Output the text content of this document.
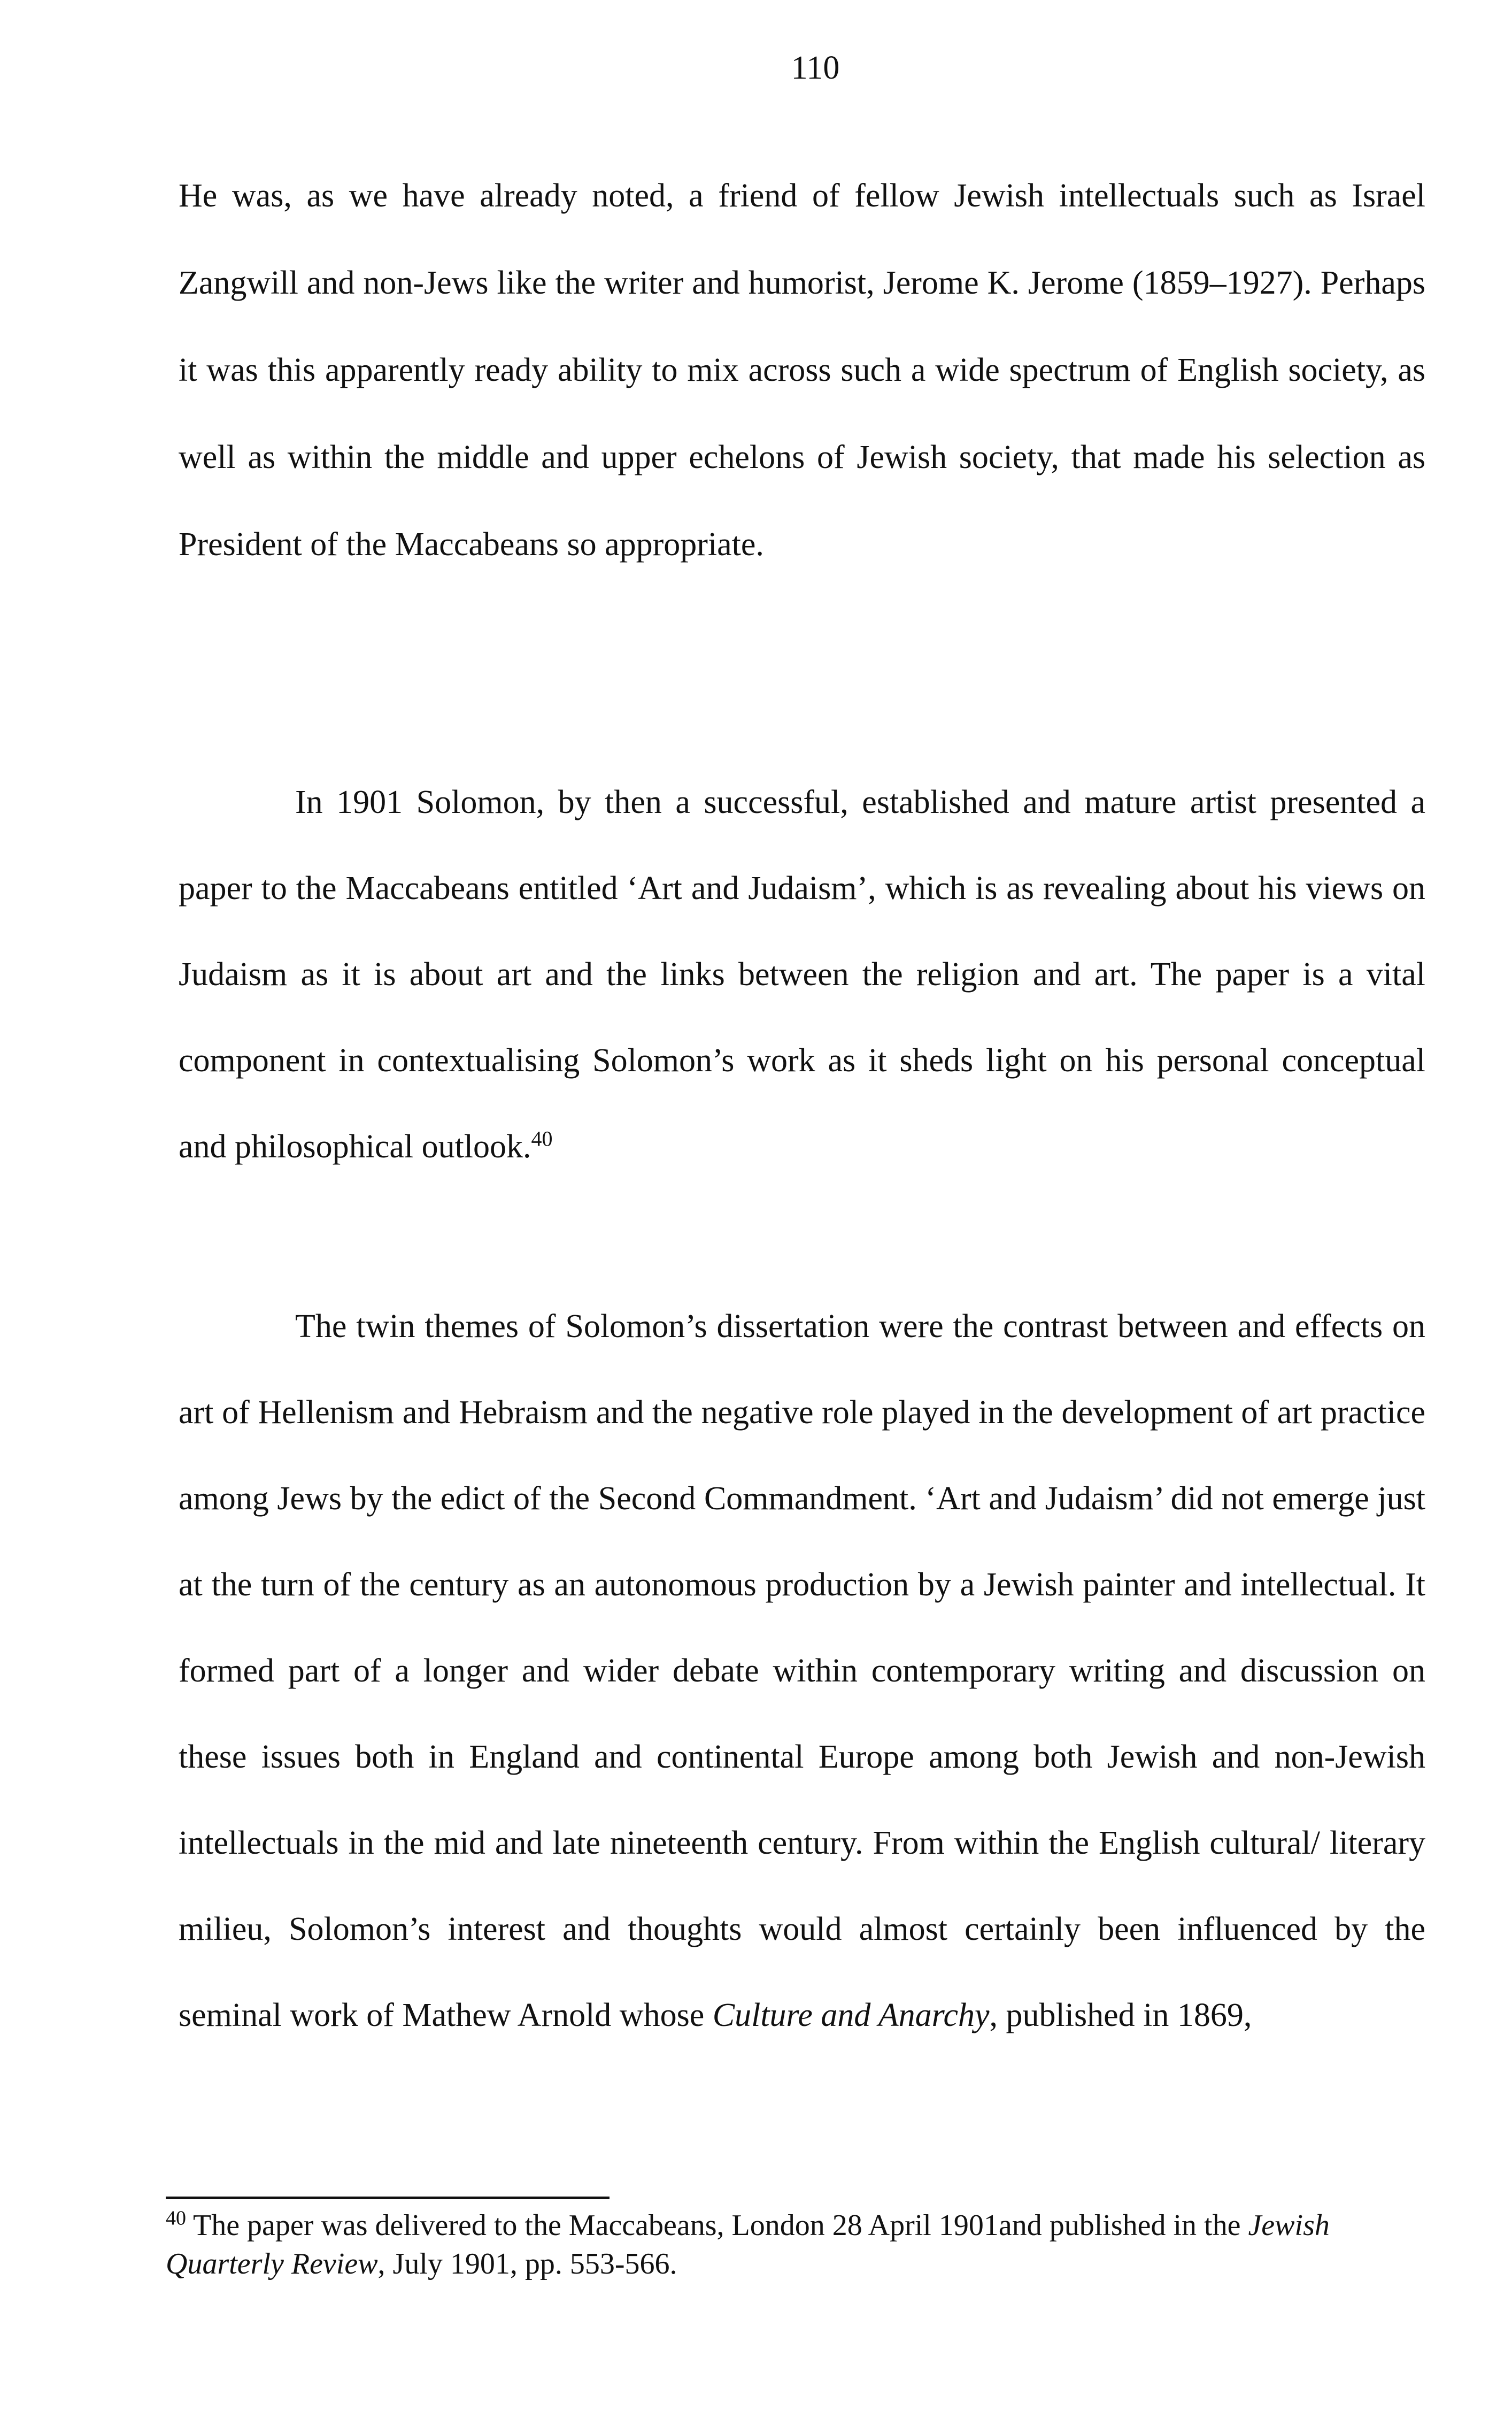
110

He was, as we have already noted, a friend of fellow Jewish intellectuals such as Israel Zangwill and non-Jews like the writer and humorist, Jerome K. Jerome (1859–1927). Perhaps it was this apparently ready ability to mix across such a wide spectrum of English society, as well as within the middle and upper echelons of Jewish society, that made his selection as President of the Maccabeans so appropriate.

In 1901 Solomon, by then a successful, established and mature artist presented a paper to the Maccabeans entitled ‘Art and Judaism’, which is as revealing about his views on Judaism as it is about art and the links between the religion and art. The paper is a vital component in contextualising Solomon’s work as it sheds light on his personal conceptual and philosophical outlook.$^{40}$

The twin themes of Solomon’s dissertation were the contrast between and effects on art of Hellenism and Hebraism and the negative role played in the development of art practice among Jews by the edict of the Second Commandment. ‘Art and Judaism’ did not emerge just at the turn of the century as an autonomous production by a Jewish painter and intellectual. It formed part of a longer and wider debate within contemporary writing and discussion on these issues both in England and continental Europe among both Jewish and non-Jewish intellectuals in the mid and late nineteenth century. From within the English cultural/ literary milieu, Solomon’s interest and thoughts would almost certainly been influenced by the seminal work of Mathew Arnold whose Culture and Anarchy, published in 1869,

$^{40}$ The paper was delivered to the Maccabeans, London 28 April 1901and published in the Jewish Quarterly Review, July 1901, pp. 553-566.
